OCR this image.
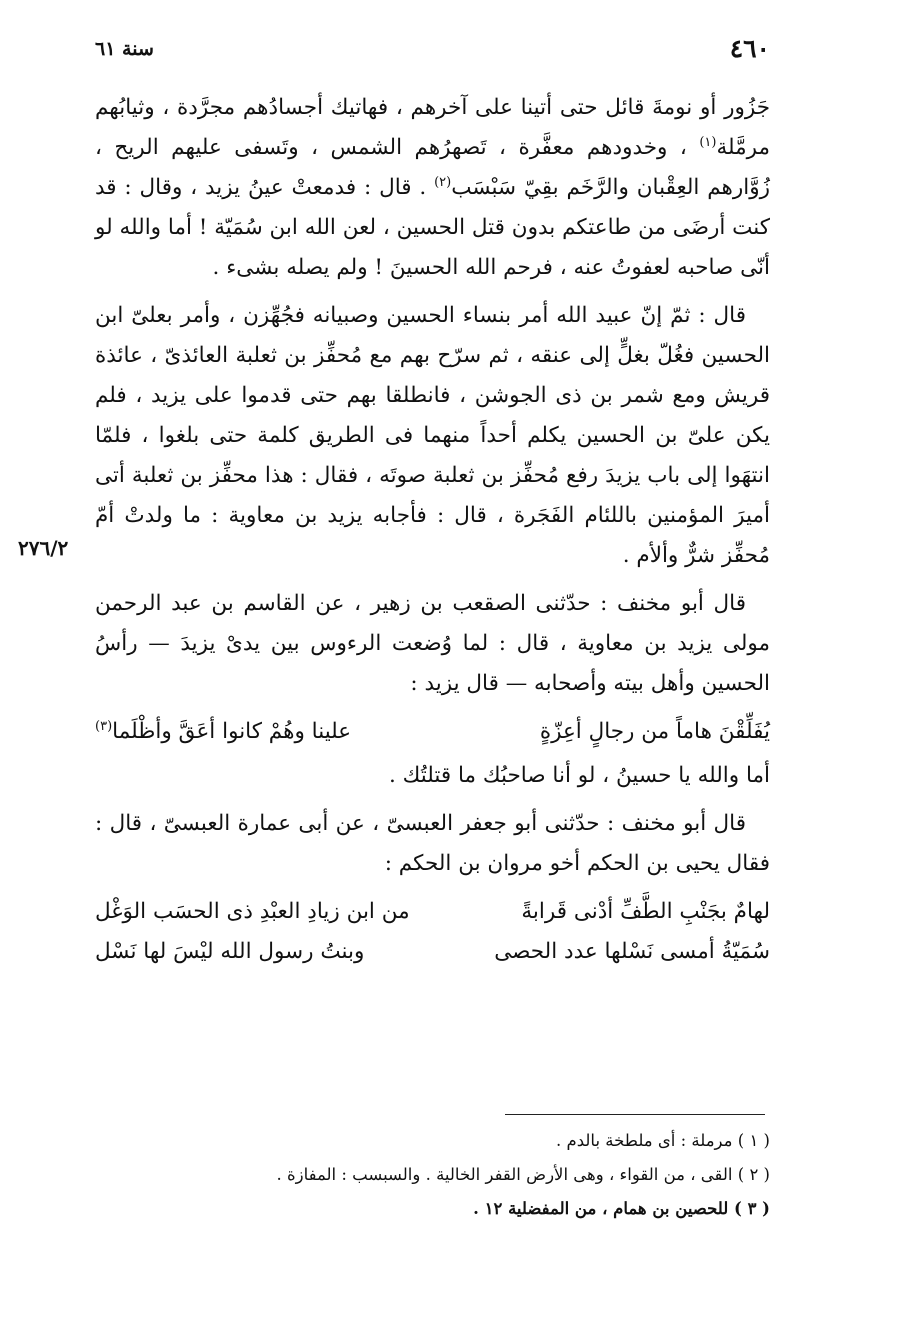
٤٦٠
سنة ٦١
٢٧٦/٢

جَزُور أو نومةَ قائل حتى أتينا على آخرهم ، فهاتيك أجسادُهم مجرَّدة ، وثيابُهم مرمَّلة$^{(١)}$ ، وخدودهم معفَّرة ، تَصهرُهم الشمس ، وتَسفى عليهم الريح ، زُوَّارهم العِقْبان والرَّخَم بقِيّ سَبْسَب$^{(٢)}$ . قال : فدمعتْ عينُ يزيد ، وقال : قد كنت أرضَى من طاعتكم بدون قتل الحسين ، لعن الله ابن سُمَيّة ! أما والله لو أنّى صاحبه لعفوتُ عنه ، فرحم الله الحسينَ ! ولم يصله بشىء .

قال : ثمّ إنّ عبيد الله أمر بنساء الحسين وصبيانه فجُهِّزن ، وأمر بعلىّ ابن الحسين فغُلّ بغلٍّ إلى عنقه ، ثم سرّح بهم مع مُحفِّز بن ثعلبة العائذىّ ، عائذة قريش ومع شمر بن ذى الجوشن ، فانطلقا بهم حتى قدموا على يزيد ، فلم يكن علىّ بن الحسين يكلم أحداً منهما فى الطريق كلمة حتى بلغوا ، فلمّا انتهَوا إلى باب يزيدَ رفع مُحفِّز بن ثعلبة صوتَه ، فقال : هذا محفِّز بن ثعلبة أتى أميرَ المؤمنين باللئام الفَجَرة ، قال : فأجابه يزيد بن معاوية : ما ولدتْ أمّ مُحفِّز شرٌّ وألأم .

قال أبو مخنف : حدّثنى الصقعب بن زهير ، عن القاسم بن عبد الرحمن مولى يزيد بن معاوية ، قال : لما وُضعت الرءوس بين يدىْ يزيدَ — رأسُ الحسين وأهل بيته وأصحابه — قال يزيد :

يُفَلِّقْنَ هاماً من رجالٍ أعِزّةٍ
علينا وهُمْ كانوا أعَقَّ وأظْلَما$^{(٣)}$

أما والله يا حسينُ ، لو أنا صاحبُك ما قتلتُك .

قال أبو مخنف : حدّثنى أبو جعفر العبسىّ ، عن أبى عمارة العبسىّ ، قال : فقال يحيى بن الحكم أخو مروان بن الحكم :

لهامٌ بجَنْبِ الطَّفِّ أدْنى قَرابةً
من ابن زيادِ العبْدِ ذى الحسَب الوَغْل
سُمَيّةُ أمسى نَسْلها عدد الحصى
وبنتُ رسول الله ليْسَ لها نَسْل
( ١ ) مرملة : أى ملطخة بالدم .
( ٢ ) القى ، من القواء ، وهى الأرض القفر الخالية . والسبسب : المفازة .
( ٣ ) للحصين بن همام ، من المفضلية ١٢ .
